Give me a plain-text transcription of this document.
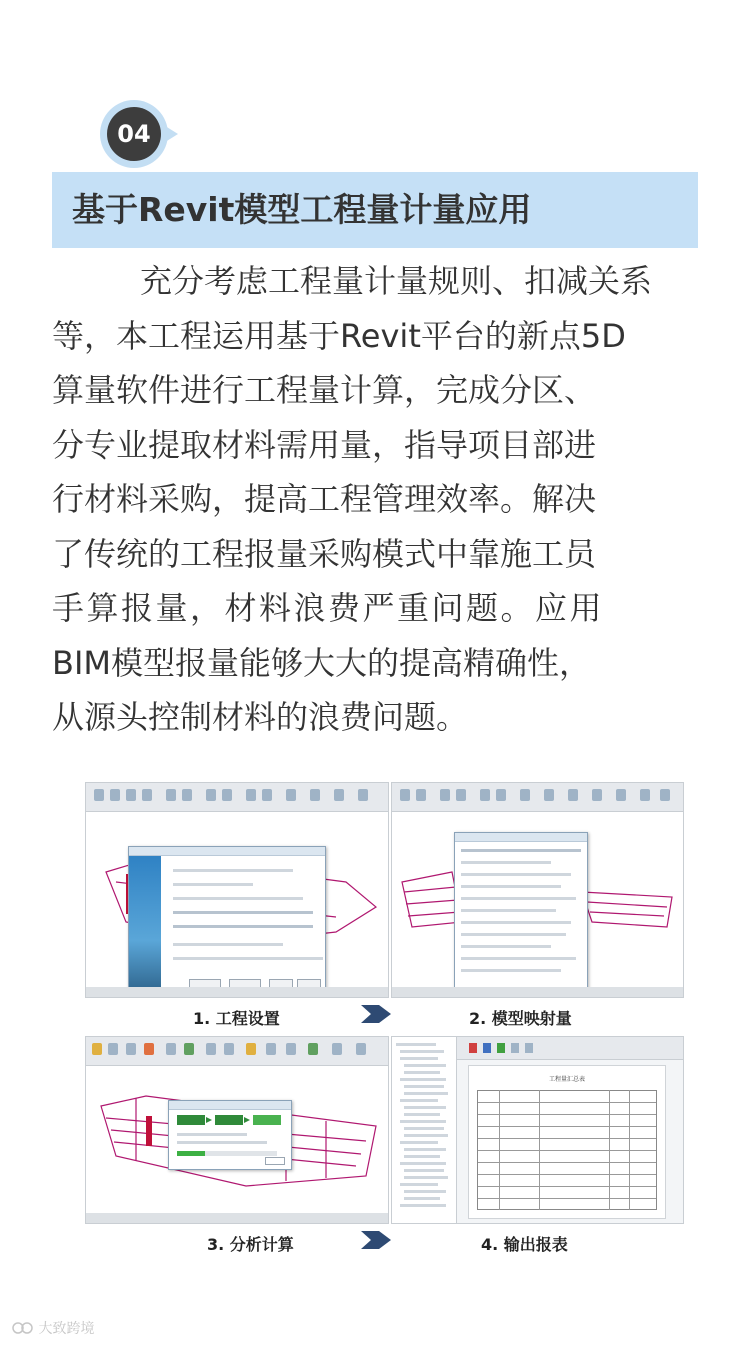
04
基于Revit模型工程量计量应用
充分考虑工程量计量规则、扣减关系
等，本工程运用基于Revit平台的新点5D
算量软件进行工程量计算，完成分区、
分专业提取材料需用量，指导项目部进
行材料采购，提高工程管理效率。解决
了传统的工程报量采购模式中靠施工员
手算报量，材料浪费严重问题。应用
BIM模型报量能够大大的提高精确性，
从源头控制材料的浪费问题。
1. 工程设置	2. 模型映射量
工程量汇总表
3. 分析计算	4. 输出报表
大致跨境
